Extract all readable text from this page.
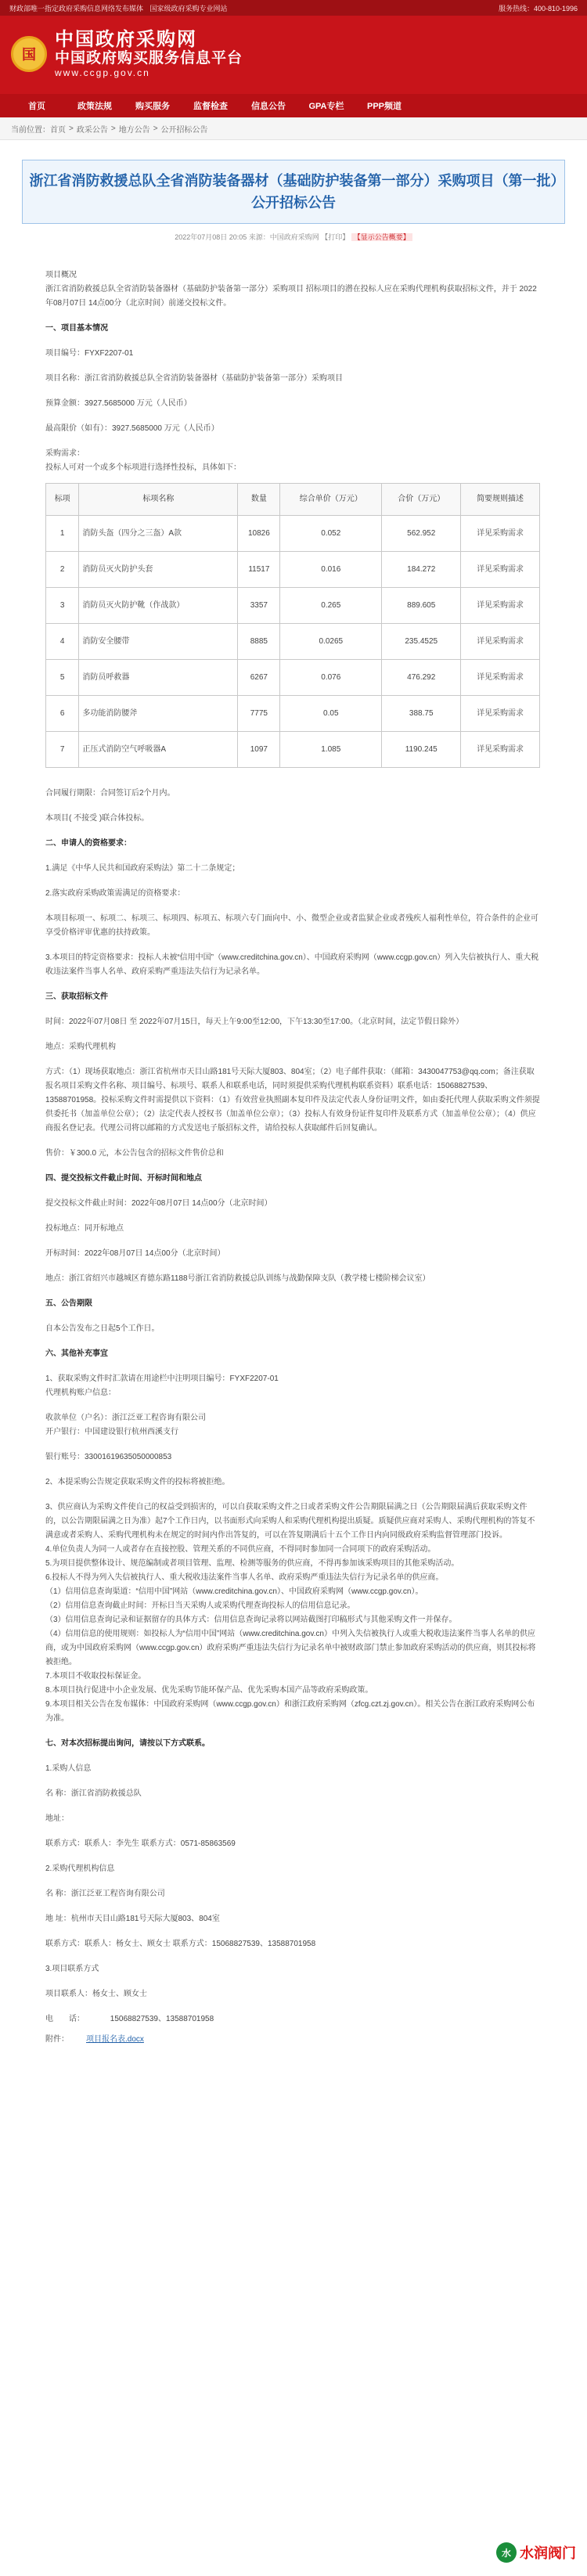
财政部唯一指定政府采购信息网络发布媒体 国家级政府采购专业网站	服务热线：400-810-1996
国
中国政府采购网
中国政府购买服务信息平台
www.ccgp.gov.cn
首页	政策法规	购买服务	监督检查	信息公告	GPA专栏	PPP频道
当前位置： 首页 > 政采公告 > 地方公告 > 公开招标公告
浙江省消防救援总队全省消防装备器材（基础防护装备第一部分）采购项目（第一批）公开招标公告
2022年07月08日 20:05 来源：中国政府采购网 【打印】 【显示公告概要】

项目概况

浙江省消防救援总队全省消防装备器材（基础防护装备第一部分）采购项目 招标项目的潜在投标人应在采购代理机构获取招标文件，并于 2022年08月07日 14点00分（北京时间）前递交投标文件。

一、项目基本情况

项目编号：FYXF2207-01

项目名称：浙江省消防救援总队全省消防装备器材（基础防护装备第一部分）采购项目

预算金额：3927.5685000 万元（人民币）

最高限价（如有）：3927.5685000 万元（人民币）

采购需求：

投标人可对一个或多个标项进行选择性投标，具体如下：

标项	标项名称	数量	综合单价（万元）	合价（万元）	简要规则描述
1	消防头盔（四分之三盔）A款	10826	0.052	562.952	详见采购需求
2	消防员灭火防护头套	11517	0.016	184.272	详见采购需求
3	消防员灭火防护靴（作战款）	3357	0.265	889.605	详见采购需求
4	消防安全腰带	8885	0.0265	235.4525	详见采购需求
5	消防员呼救器	6267	0.076	476.292	详见采购需求
6	多功能消防腰斧	7775	0.05	388.75	详见采购需求
7	正压式消防空气呼吸器A	1097	1.085	1190.245	详见采购需求

合同履行期限：合同签订后2个月内。

本项目( 不接受 )联合体投标。

二、申请人的资格要求：

1.满足《中华人民共和国政府采购法》第二十二条规定；

2.落实政府采购政策需满足的资格要求：

本项目标项一、标项二、标项三、标项四、标项五、标项六专门面向中、小、微型企业或者监狱企业或者残疾人福利性单位，符合条件的企业可享受价格评审优惠的扶持政策。

3.本项目的特定资格要求：投标人未被“信用中国”（www.creditchina.gov.cn）、中国政府采购网（www.ccgp.gov.cn）列入失信被执行人、重大税收违法案件当事人名单、政府采购严重违法失信行为记录名单。

三、获取招标文件

时间：2022年07月08日 至 2022年07月15日，每天上午9:00至12:00，下午13:30至17:00。（北京时间，法定节假日除外）

地点：采购代理机构

方式：（1）现场获取地点：浙江省杭州市天目山路181号天际大厦803、804室；（2）电子邮件获取：（邮箱：3430047753@qq.com；备注获取报名项目采购文件名称、项目编号、标项号、联系人和联系电话，同时须提供采购代理机构联系资料）联系电话：15068827539、13588701958。投标采购文件时需提供以下资料：（1）有效营业执照副本复印件及法定代表人身份证明文件，如由委托代理人获取采购文件须提供委托书（加盖单位公章）；（2）法定代表人授权书（加盖单位公章）；（3）投标人有效身份证件复印件及联系方式（加盖单位公章）；（4）供应商报名登记表。代理公司将以邮箱的方式发送电子版招标文件，请给投标人获取邮件后回复确认。

售价：￥300.0 元，本公告包含的招标文件售价总和

四、提交投标文件截止时间、开标时间和地点

提交投标文件截止时间：2022年08月07日 14点00分（北京时间）

投标地点：同开标地点

开标时间：2022年08月07日 14点00分（北京时间）

地点：浙江省绍兴市越城区育德东路1188号浙江省消防救援总队训练与战勤保障支队（教学楼七楼阶梯会议室）

五、公告期限

自本公告发布之日起5个工作日。

六、其他补充事宜

1、获取采购文件时汇款请在用途栏中注明项目编号：FYXF2207-01

代理机构账户信息：

收款单位（户名）：浙江泛亚工程咨询有限公司

开户银行：中国建设银行杭州西溪支行

银行账号：33001619635050000853

2、本提采购公告规定获取采购文件的投标将被拒绝。

3、供应商认为采购文件使自己的权益受到损害的，可以自获取采购文件之日或者采购文件公告期限届满之日（公告期限届满后获取采购文件的，以公告期限届满之日为准）起7个工作日内，以书面形式向采购人和采购代理机构提出质疑。质疑供应商对采购人、采购代理机构的答复不满意或者采购人、采购代理机构未在规定的时间内作出答复的，可以在答复期满后十五个工作日内向同级政府采购监督管理部门投诉。

4.单位负责人为同一人或者存在直接控股、管理关系的不同供应商，不得同时参加同一合同项下的政府采购活动。

5.为项目提供整体设计、规范编制或者项目管理、监理、检测等服务的供应商，不得再参加该采购项目的其他采购活动。

6.投标人不得为列入失信被执行人、重大税收违法案件当事人名单、政府采购严重违法失信行为记录名单的供应商。

（1）信用信息查询渠道：“信用中国”网站（www.creditchina.gov.cn）、中国政府采购网（www.ccgp.gov.cn）。

（2）信用信息查询截止时间：开标日当天采购人或采购代理查询投标人的信用信息记录。

（3）信用信息查询记录和证据留存的具体方式：信用信息查询记录将以网站截图打印稿形式与其他采购文件一并保存。

（4）信用信息的使用规则：如投标人为“信用中国”网站（www.creditchina.gov.cn）中列入失信被执行人或重大税收违法案件当事人名单的供应商，或为中国政府采购网（www.ccgp.gov.cn）政府采购严重违法失信行为记录名单中被财政部门禁止参加政府采购活动的供应商，则其投标将被拒绝。

7.本项目不收取投标保证金。

8.本项目执行促进中小企业发展、优先采购节能环保产品、优先采购本国产品等政府采购政策。

9.本项目相关公告在发布媒体：中国政府采购网（www.ccgp.gov.cn）和浙江政府采购网（zfcg.czt.zj.gov.cn）。相关公告在浙江政府采购网公布为准。

七、对本次招标提出询问，请按以下方式联系。

1.采购人信息

名 称：浙江省消防救援总队

地址：

联系方式：联系人：李先生 联系方式：0571-85863569

2.采购代理机构信息

名 称：浙江泛亚工程咨询有限公司

地 址：杭州市天目山路181号天际大厦803、804室

联系方式：联系人：杨女士、顾女士 联系方式：15068827539、13588701958

3.项目联系方式

项目联系人：杨女士、顾女士

电　　话：	15068827539、13588701958

附件： 项目报名表.docx
水 水润阀门
